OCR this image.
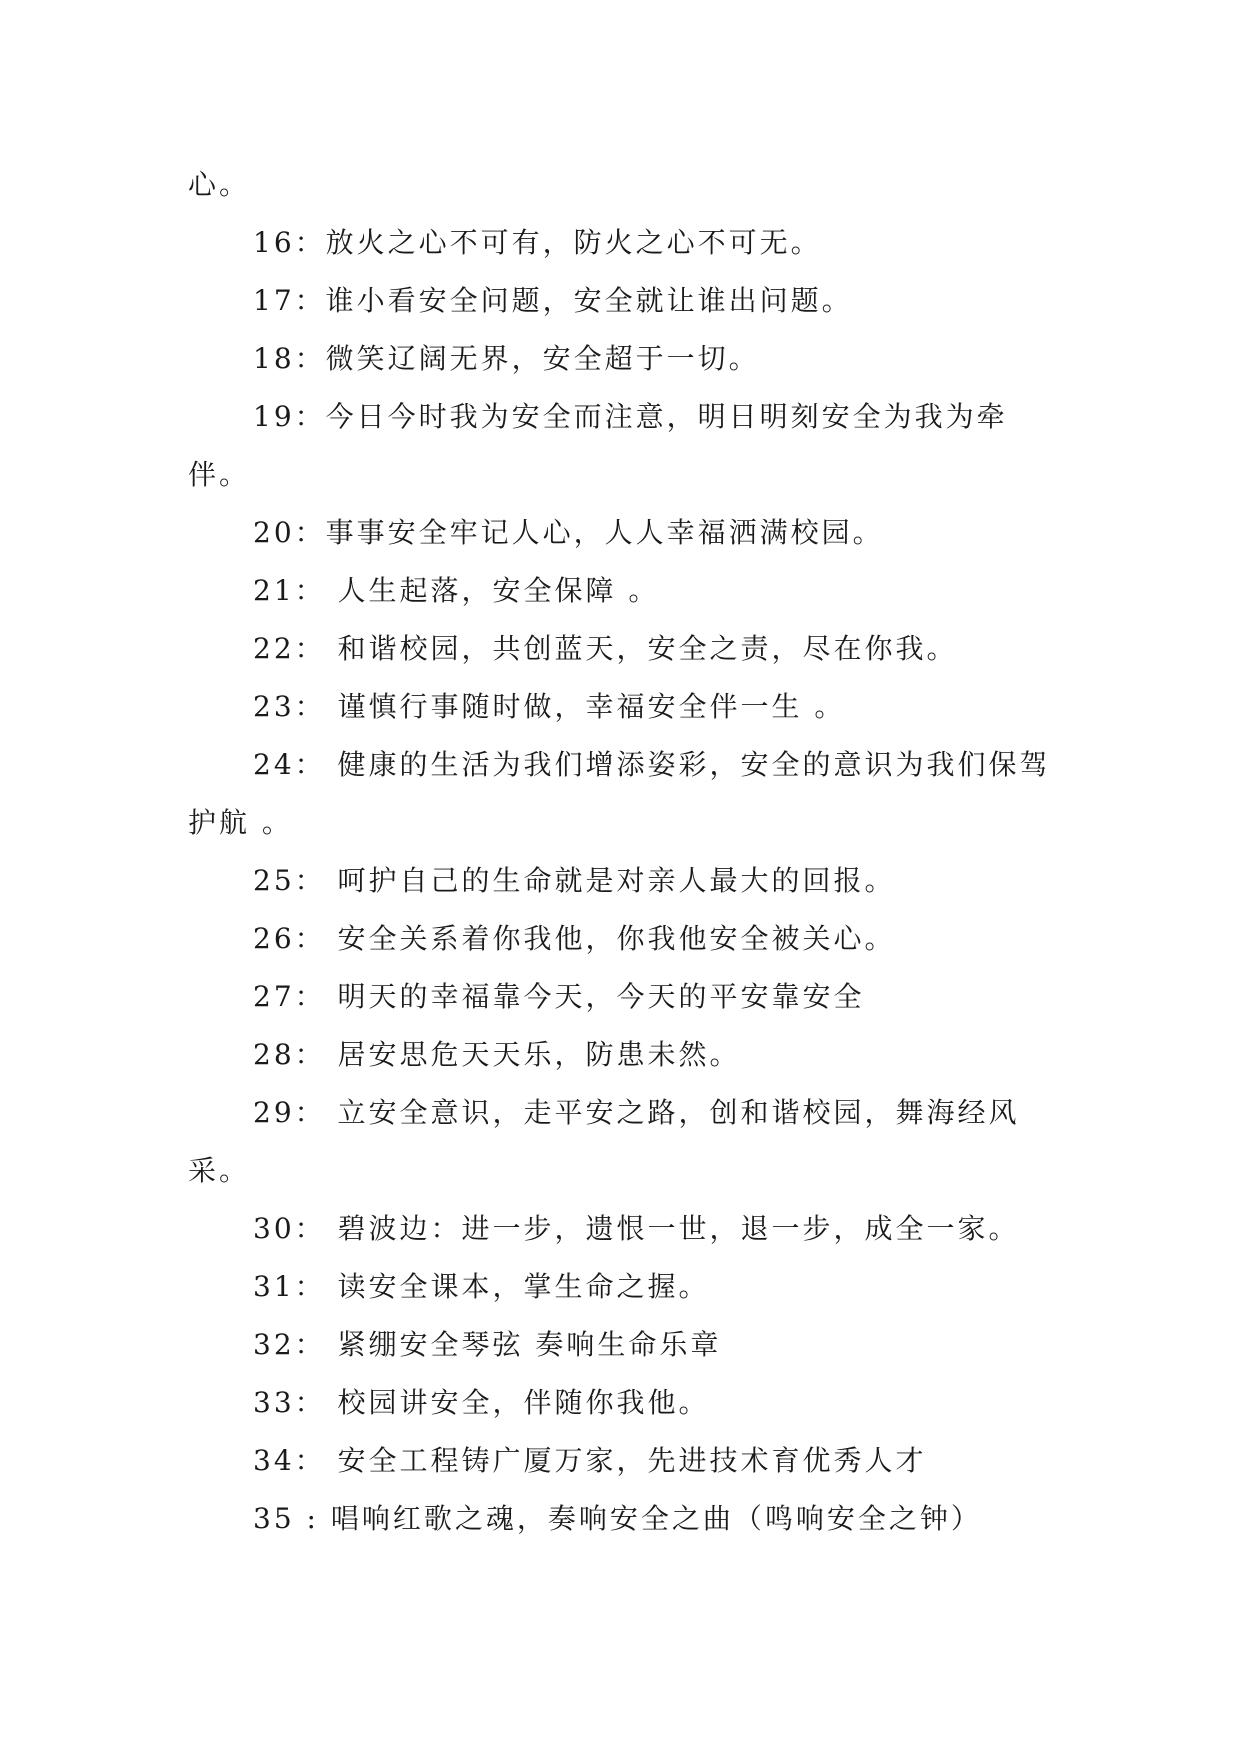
心。

16：放火之心不可有，防火之心不可无。

17：谁小看安全问题，安全就让谁出问题。

18：微笑辽阔无界，安全超于一切。

19：今日今时我为安全而注意，明日明刻安全为我为牵伴。

20：事事安全牢记人心，人人幸福洒满校园。

21： 人生起落，安全保障 。

22： 和谐校园，共创蓝天，安全之责，尽在你我。

23： 谨慎行事随时做，幸福安全伴一生 。

24： 健康的生活为我们增添姿彩，安全的意识为我们保驾护航 。

25： 呵护自己的生命就是对亲人最大的回报。

26： 安全关系着你我他，你我他安全被关心。

27： 明天的幸福靠今天，今天的平安靠安全

28： 居安思危天天乐，防患未然。

29： 立安全意识，走平安之路，创和谐校园，舞海经风采。

30： 碧波边：进一步，遗恨一世，退一步，成全一家。

31： 读安全课本，掌生命之握。

32： 紧绷安全琴弦 奏响生命乐章

33： 校园讲安全，伴随你我他。

34： 安全工程铸广厦万家，先进技术育优秀人才

35 : 唱响红歌之魂，奏响安全之曲（鸣响安全之钟）
